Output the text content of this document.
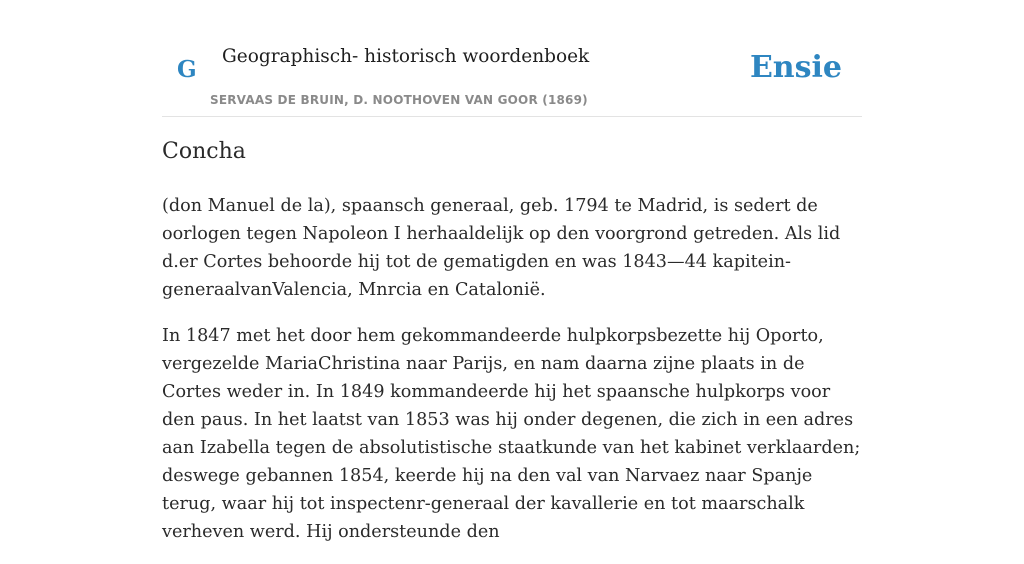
G Geographisch- historisch woordenboek
SERVAAS DE BRUIN, D. NOOTHOVEN VAN GOOR (1869)
Ensie
Concha

(don Manuel de la), spaansch generaal, geb. 1794 te Madrid, is sedert de oorlogen tegen Napoleon I herhaaldelijk op den voorgrond getreden. Als lid d.er Cortes behoorde hij tot de gematigden en was 1843—44 kapitein-generaalvanValencia, Mnrcia en Catalonië.

In 1847 met het door hem gekommandeerde hulpkorpsbezette hij Oporto, vergezelde MariaChristina naar Parijs, en nam daarna zijne plaats in de Cortes weder in. In 1849 kommandeerde hij het spaansche hulpkorps voor den paus. In het laatst van 1853 was hij onder degenen, die zich in een adres aan Izabella tegen de absolutistische staatkunde van het kabinet verklaarden; deswege gebannen 1854, keerde hij na den val van Narvaez naar Spanje terug, waar hij tot inspectenr-generaal der kavallerie en tot maarschalk verheven werd. Hij ondersteunde den
